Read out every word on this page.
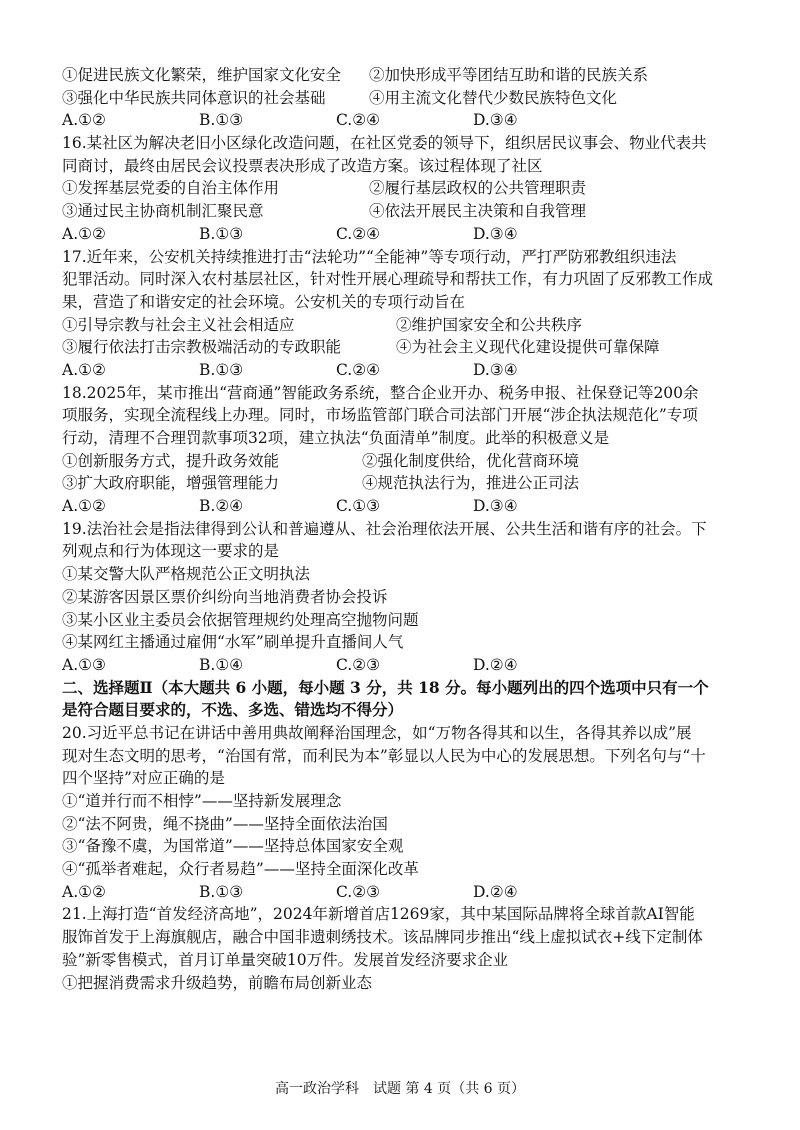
①促进民族文化繁荣，维护国家文化安全	②加快形成平等团结互助和谐的民族关系
③强化中华民族共同体意识的社会基础	④用主流文化替代少数民族特色文化
A.①②	B.①③	C.②④	D.③④
16.某社区为解决老旧小区绿化改造问题，在社区党委的领导下，组织居民议事会、物业代表共
同商讨，最终由居民会议投票表决形成了改造方案。该过程体现了社区
①发挥基层党委的自治主体作用	②履行基层政权的公共管理职责
③通过民主协商机制汇聚民意	④依法开展民主决策和自我管理
A.①②	B.①③	C.②④	D.③④
17.近年来，公安机关持续推进打击“法轮功”“全能神”等专项行动，严打严防邪教组织违法
犯罪活动。同时深入农村基层社区，针对性开展心理疏导和帮扶工作，有力巩固了反邪教工作成
果，营造了和谐安定的社会环境。公安机关的专项行动旨在
①引导宗教与社会主义社会相适应	②维护国家安全和公共秩序
③履行依法打击宗教极端活动的专政职能	④为社会主义现代化建设提供可靠保障
A.①②	B.①③	C.②④	D.③④
18.2025年，某市推出“营商通”智能政务系统，整合企业开办、税务申报、社保登记等200余
项服务，实现全流程线上办理。同时，市场监管部门联合司法部门开展“涉企执法规范化”专项
行动，清理不合理罚款事项32项，建立执法“负面清单”制度。此举的积极意义是
①创新服务方式，提升政务效能	②强化制度供给，优化营商环境
③扩大政府职能，增强管理能力	④规范执法行为，推进公正司法
A.①②	B.②④	C.①③	D.③④
19.法治社会是指法律得到公认和普遍遵从、社会治理依法开展、公共生活和谐有序的社会。下
列观点和行为体现这一要求的是
①某交警大队严格规范公正文明执法
②某游客因景区票价纠纷向当地消费者协会投诉
③某小区业主委员会依据管理规约处理高空抛物问题
④某网红主播通过雇佣“水军”刷单提升直播间人气
A.①③	B.①④	C.②③	D.②④
二、选择题Ⅱ（本大题共 6 小题，每小题 3 分，共 18 分。每小题列出的四个选项中只有一个
是符合题目要求的，不选、多选、错选均不得分）
20.习近平总书记在讲话中善用典故阐释治国理念，如“万物各得其和以生，各得其养以成”展
现对生态文明的思考，“治国有常，而利民为本”彰显以人民为中心的发展思想。下列名句与“十
四个坚持”对应正确的是
①“道并行而不相悖”——坚持新发展理念
②“法不阿贵，绳不挠曲”——坚持全面依法治国
③“备豫不虞，为国常道”——坚持总体国家安全观
④“孤举者难起，众行者易趋”——坚持全面深化改革
A.①②	B.①③	C.②③	D.②④
21.上海打造“首发经济高地”，2024年新增首店1269家，其中某国际品牌将全球首款AI智能
服饰首发于上海旗舰店，融合中国非遗刺绣技术。该品牌同步推出“线上虚拟试衣+线下定制体
验”新零售模式，首月订单量突破10万件。发展首发经济要求企业
①把握消费需求升级趋势，前瞻布局创新业态
高一政治学科　试题 第 4 页（共 6 页）
